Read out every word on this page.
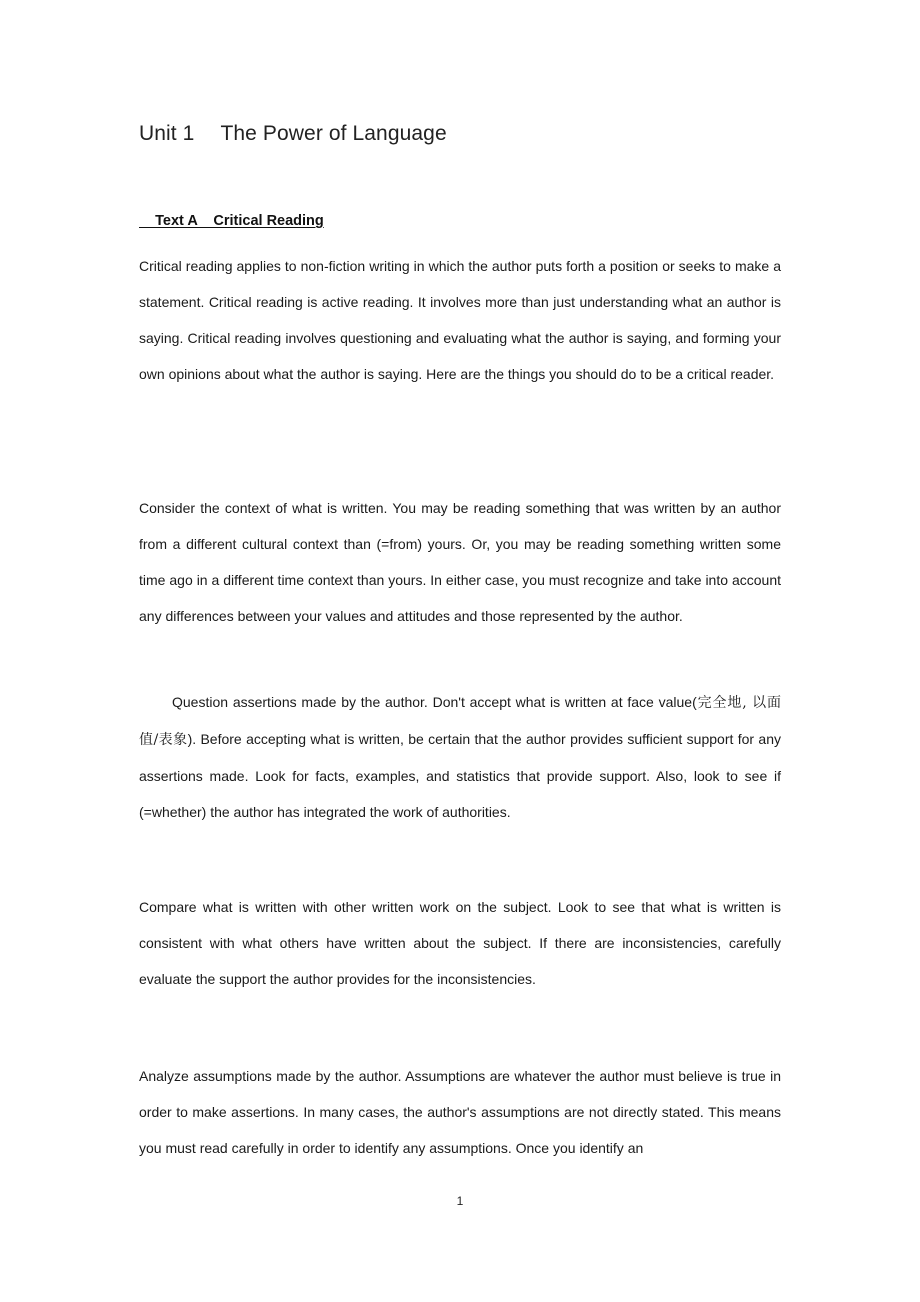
Unit 1 The Power of Language
Text A    Critical Reading

Critical reading applies to non-fiction writing in which the author puts forth a position or seeks to make a statement. Critical reading is active reading. It involves more than just understanding what an author is saying. Critical reading involves questioning and evaluating what the author is saying, and forming your own opinions about what the author is saying. Here are the things you should do to be a critical reader.

Consider the context of what is written. You may be reading something that was written by an author from a different cultural context than (=from) yours. Or, you may be reading something written some time ago in a different time context than yours. In either case, you must recognize and take into account any differences between your values and attitudes and those represented by the author.

Question assertions made by the author. Don't accept what is written at face value(完全地, 以面值/表象). Before accepting what is written, be certain that the author provides sufficient support for any assertions made. Look for facts, examples, and statistics that provide support. Also, look to see if (=whether) the author has integrated the work of authorities.

Compare what is written with other written work on the subject. Look to see that what is written is consistent with what others have written about the subject. If there are inconsistencies, carefully evaluate the support the author provides for the inconsistencies.

Analyze assumptions made by the author. Assumptions are whatever the author must believe is true in order to make assertions. In many cases, the author's assumptions are not directly stated. This means you must read carefully in order to identify any assumptions. Once you identify an

1
